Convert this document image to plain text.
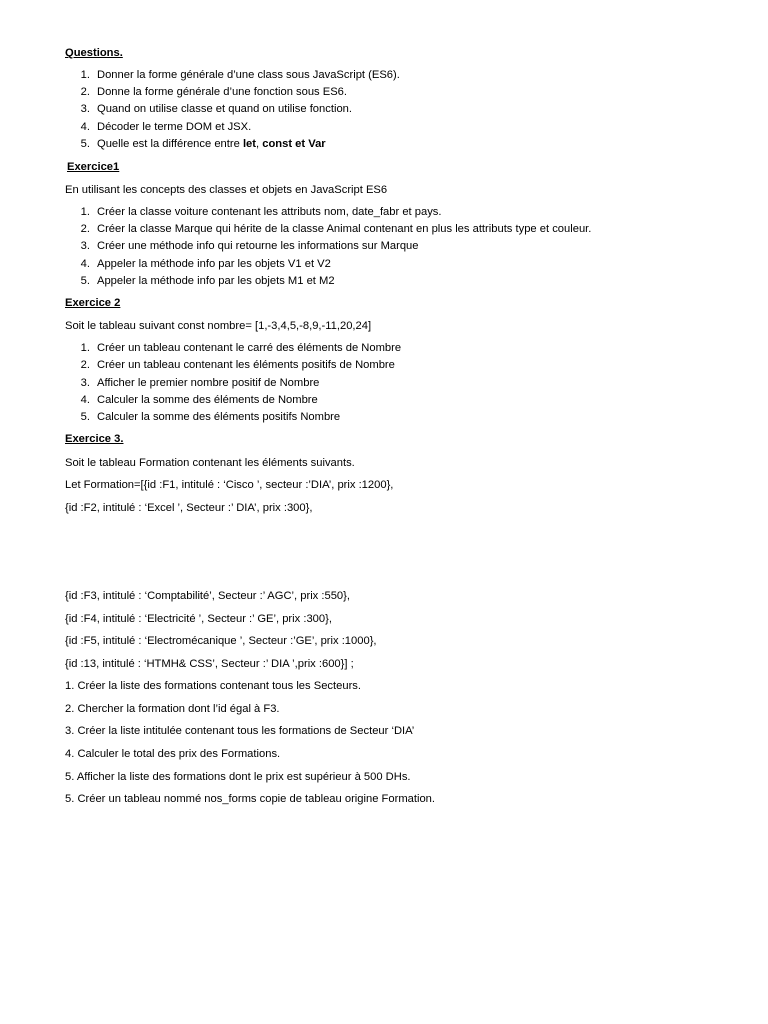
Questions.
1. Donner la forme générale d’une class sous JavaScript (ES6).
2. Donne la forme générale d’une fonction sous ES6.
3. Quand on utilise classe et quand on utilise fonction.
4. Décoder le terme DOM et JSX.
5. Quelle est la différence entre let, const et Var
Exercice1
En utilisant les concepts des classes et objets en JavaScript ES6
1. Créer la classe voiture contenant les attributs nom, date_fabr et pays.
2. Créer la classe Marque qui hérite de la classe Animal contenant en plus les attributs type et couleur.
3. Créer une méthode info qui retourne les informations sur Marque
4. Appeler la méthode info par les objets V1 et V2
5. Appeler la méthode info par les objets M1 et M2
Exercice 2
Soit le tableau suivant const nombre= [1,-3,4,5,-8,9,-11,20,24]
1. Créer un tableau contenant le carré des éléments de Nombre
2. Créer un tableau contenant les éléments positifs de Nombre
3. Afficher le premier nombre positif de Nombre
4. Calculer la somme des éléments de Nombre
5. Calculer la somme des éléments positifs Nombre
Exercice 3.
Soit le tableau Formation contenant les éléments suivants.
Let Formation=[{id :F1, intitulé : ‘Cisco ’, secteur :’DIA’, prix :1200},
{id :F2, intitulé : ‘Excel ’, Secteur :’ DIA’, prix :300},
{id :F3, intitulé : ‘Comptabilité’, Secteur :’ AGC’, prix :550},
{id :F4, intitulé : ‘Electricité ’, Secteur :’ GE’, prix :300},
{id :F5, intitulé : ‘Electromécanique ’, Secteur :’GE’, prix :1000},
{id :13, intitulé : ‘HTMH& CSS’, Secteur :’ DIA ’,prix :600}] ;
1. Créer la liste des formations contenant tous les Secteurs.
2. Chercher la formation dont l’id égal à F3.
3. Créer la liste intitulée contenant tous les formations de Secteur ‘DIA’
4. Calculer le total des prix des Formations.
5. Afficher la liste des formations dont le prix est supérieur à 500 DHs.
5. Créer un tableau nommé nos_forms copie de tableau origine Formation.
